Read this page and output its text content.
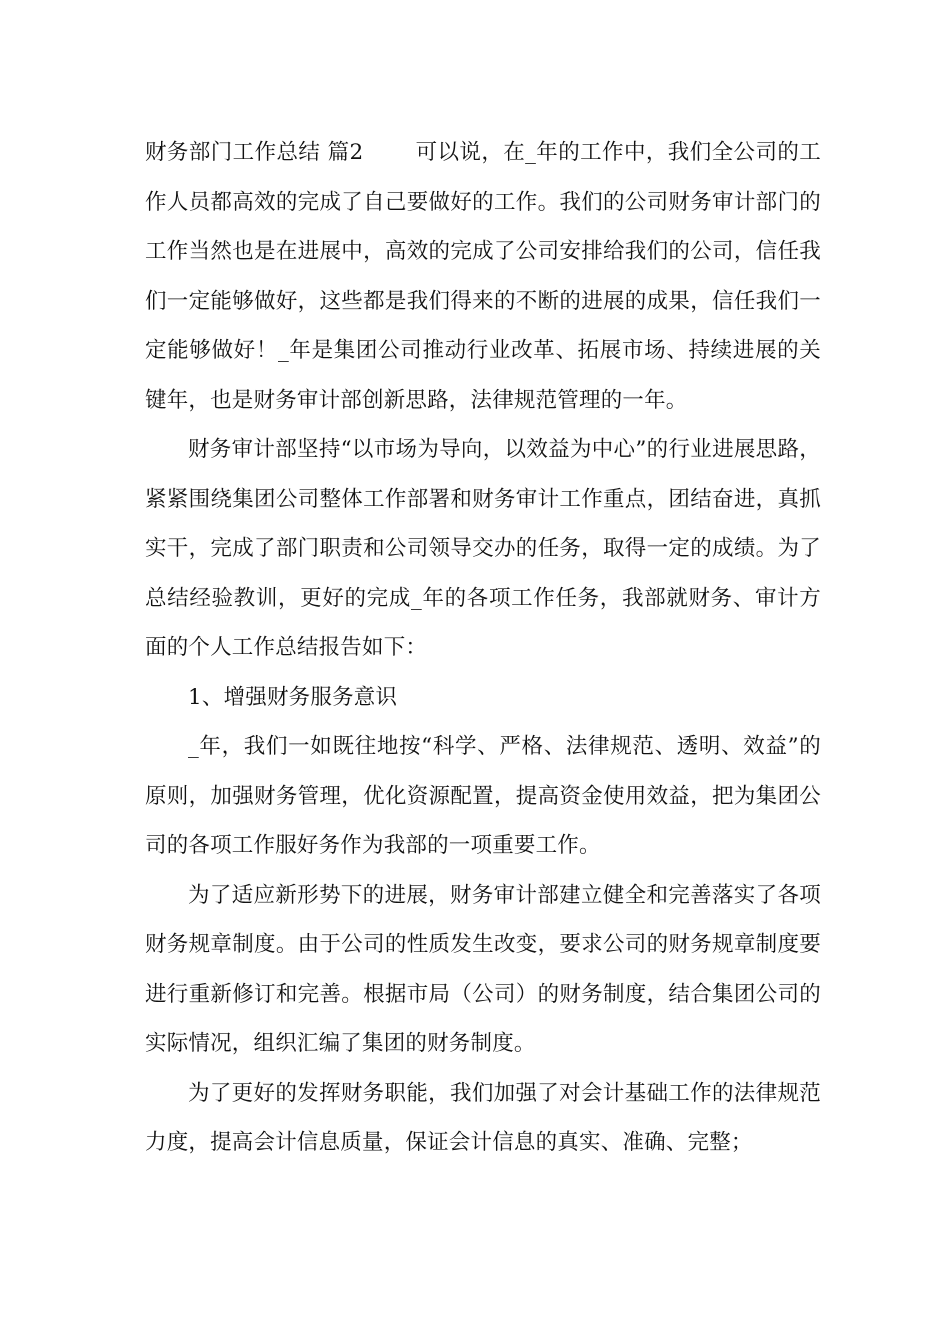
财务部门工作总结 篇2 可以说，在_年的工作中，我们全公司的工作人员都高效的完成了自己要做好的工作。我们的公司财务审计部门的工作当然也是在进展中，高效的完成了公司安排给我们的公司，信任我们一定能够做好，这些都是我们得来的不断的进展的成果，信任我们一定能够做好！_年是集团公司推动行业改革、拓展市场、持续进展的关键年，也是财务审计部创新思路，法律规范管理的一年。

财务审计部坚持“以市场为导向，以效益为中心”的行业进展思路，紧紧围绕集团公司整体工作部署和财务审计工作重点，团结奋进，真抓实干，完成了部门职责和公司领导交办的任务，取得一定的成绩。为了总结经验教训，更好的完成_年的各项工作任务，我部就财务、审计方面的个人工作总结报告如下：

1、增强财务服务意识

_年，我们一如既往地按“科学、严格、法律规范、透明、效益”的原则，加强财务管理，优化资源配置，提高资金使用效益，把为集团公司的各项工作服好务作为我部的一项重要工作。

为了适应新形势下的进展，财务审计部建立健全和完善落实了各项财务规章制度。由于公司的性质发生改变，要求公司的财务规章制度要进行重新修订和完善。根据市局（公司）的财务制度，结合集团公司的实际情况，组织汇编了集团的财务制度。

为了更好的发挥财务职能，我们加强了对会计基础工作的法律规范力度，提高会计信息质量，保证会计信息的真实、准确、完整；
